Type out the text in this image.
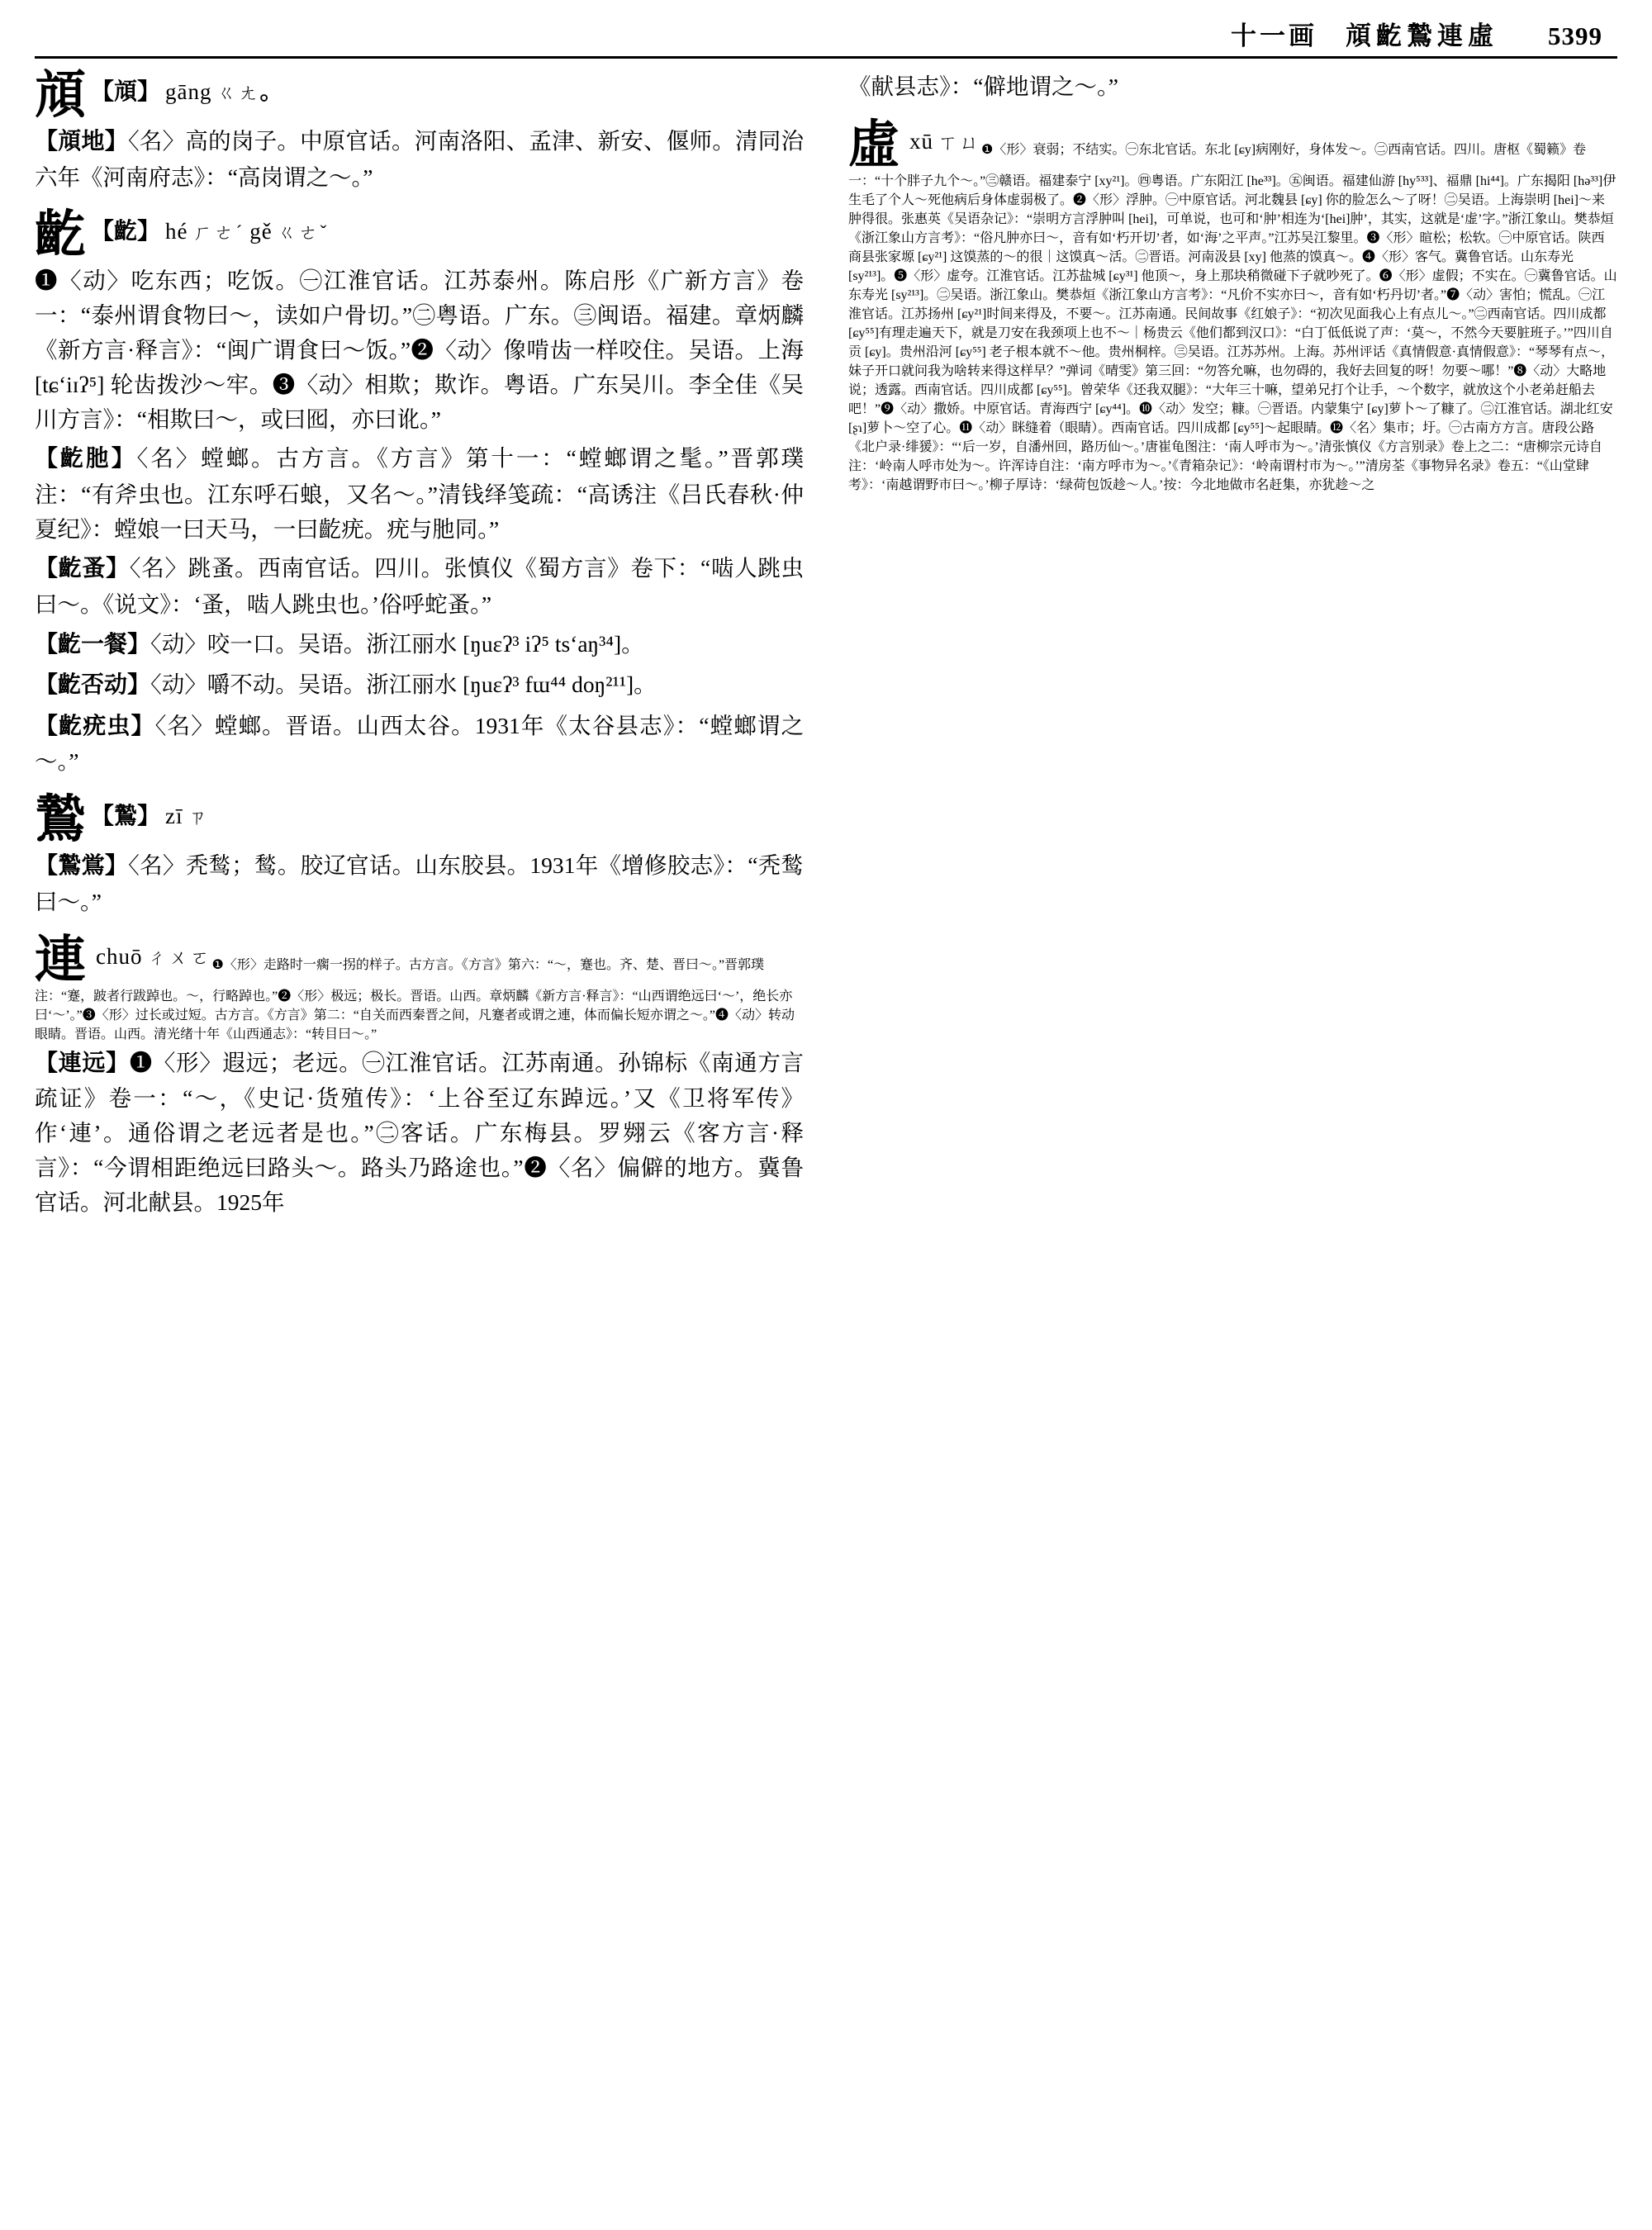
十一画 頏齕鷙連虛 5399
頏 【頏】 gāng ㄍㄤ。

【頏地】〈名〉高的岗子。中原官话。河南洛阳、孟津、新安、偃师。清同治六年《河南府志》：“高岗谓之～。”

齕 【齕】 hé ㄏㄜˊ gě ㄍㄜˇ

❶〈动〉吃东西；吃饭。㊀江淮官话。江苏泰州。陈启彤《广新方言》卷一：“泰州谓食物曰～，读如户骨切。”㊁粤语。广东。㊂闽语。福建。章炳麟《新方言·释言》：“闽广谓食曰～饭。”❷〈动〉像啃齿一样咬住。吴语。上海 [tɕʻiɪʔ⁵] 轮齿拨沙～牢。❸〈动〉相欺；欺诈。粤语。广东吴川。李全佳《吴川方言》：“相欺曰～，或曰囮，亦曰讹。”

【齕肔】〈名〉螳螂。古方言。《方言》第十一：“螳螂谓之髦。”晋郭璞注：“有斧虫也。江东呼石蜋，又名～。”清钱绎笺疏：“高诱注《吕氏春秋·仲夏纪》：螳娘一曰天马，一曰齕疣。疣与肔同。”

【齕蚤】〈名〉跳蚤。西南官话。四川。张慎仪《蜀方言》卷下：“啮人跳虫曰～。《说文》：‘蚤，啮人跳虫也。’俗呼蛇蚤。”

【齕一餐】〈动〉咬一口。吴语。浙江丽水 [ŋuɛʔ³ iʔ⁵ tsʻaŋ³⁴]。

【齕否动】〈动〉嚼不动。吴语。浙江丽水 [ŋuɛʔ³ fɯ⁴⁴ doŋ²¹¹]。

【齕疣虫】〈名〉螳螂。晋语。山西太谷。1931年《太谷县志》：“螳螂谓之～。”

鷙 【鷙】 zī ㄗ

【鷙鴬】〈名〉秃鹙；鹙。胶辽官话。山东胶县。1931年《增修胶志》：“秃鹙曰～。”

連chuō ㄔㄨㄛ❶〈形〉走路时一瘸一拐的样子。古方言。《方言》第六：“～，蹇也。齐、楚、晋曰～。”晋郭璞注：“蹇，跛者行跋踔也。～，行略踔也。”❷〈形〉极远；极长。晋语。山西。章炳麟《新方言·释言》：“山西谓绝远曰‘～’，绝长亦曰‘～’。”❸〈形〉过长或过短。古方言。《方言》第二：“自关而西秦晋之间，凡蹇者或谓之連，体而偏长短亦谓之～。”❹〈动〉转动眼睛。晋语。山西。清光绪十年《山西通志》：“转目曰～。”

【連远】❶〈形〉遐远；老远。㊀江淮官话。江苏南通。孙锦标《南通方言疏证》卷一：“～，《史记·货殖传》：‘上谷至辽东踔远。’又《卫将军传》作‘連’。通俗谓之老远者是也。”㊁客话。广东梅县。罗翙云《客方言·释言》：“今谓相距绝远曰路头～。路头乃路途也。”❷〈名〉偏僻的地方。冀鲁官话。河北献县。1925年

《献县志》：“僻地谓之～。”

虛xū ㄒㄩ❶〈形〉衰弱；不结实。㊀东北官话。东北 [ɕy]病刚好，身体发～。㊁西南官话。四川。唐枢《蜀籁》卷一：“十个胖子九个～。”㊂赣语。福建泰宁 [xy²¹]。㊃粤语。广东阳江 [he³³]。㊄闽语。福建仙游 [hy⁵³³]、福鼎 [hi⁴⁴]。广东揭阳 [hə³³]伊生毛了个人～死他病后身体虚弱极了。❷〈形〉浮肿。㊀中原官话。河北魏县 [ɕy] 你的脸怎么～了呀！㊁吴语。上海崇明 [hei]～来肿得很。张惠英《吴语杂记》：“崇明方言浮肿叫 [hei]，可单说，也可和‘肿’相连为‘[hei]肿’，其实，这就是‘虚’字。”浙江象山。樊恭烜《浙江象山方言考》：“俗凡肿亦曰～，音有如‘朽开切’者，如‘海’之平声。”江苏吴江黎里。❸〈形〉暄松；松软。㊀中原官话。陕西商县张家塬 [ɕy²¹] 这馍蒸的～的很｜这馍真～活。㊁晋语。河南汲县 [xy] 他蒸的馍真～。❹〈形〉客气。冀鲁官话。山东寿光 [sy²¹³]。❺〈形〉虚夸。江淮官话。江苏盐城 [ɕy³¹] 他顶～，身上那块稍微碰下子就吵死了。❻〈形〉虚假；不实在。㊀冀鲁官话。山东寿光 [sy²¹³]。㊁吴语。浙江象山。樊恭烜《浙江象山方言考》：“凡价不实亦曰～，音有如‘朽丹切’者。”❼〈动〉害怕；慌乱。㊀江淮官话。江苏扬州 [ɕy²¹]时间来得及，不要～。江苏南通。民间故事《红娘子》：“初次见面我心上有点儿～。”㊁西南官话。四川成都 [ɕy⁵⁵]有理走遍天下，就是刀安在我颈项上也不～｜杨贵云《他们都到汉口》：“白丁低低说了声：‘莫～，不然今天要脏班子。’”四川自贡 [ɕy]。贵州沿河 [ɕy⁵⁵] 老子根本就不～他。贵州桐梓。㊂吴语。江苏苏州。上海。苏州评话《真情假意·真情假意》：“琴琴有点～，妹子开口就问我为啥转来得这样早？”弹词《晴雯》第三回：“勿答允嘛，也勿碍的，我好去回复的呀！勿要～哪！”❽〈动〉大略地说；透露。西南官话。四川成都 [ɕy⁵⁵]。曾荣华《还我双腿》：“大年三十嘛，望弟兄打个让手，～个数字，就放这个小老弟赶船去吧！”❾〈动〉撒娇。中原官话。青海西宁 [ɕy⁴⁴]。❿〈动〉发空；糠。㊀晋语。内蒙集宁 [ɕy]萝卜～了糠了。㊁江淮官话。湖北红安 [ʂɿ]萝卜～空了心。⓫〈动〉眯缝着（眼睛）。西南官话。四川成都 [ɕy⁵⁵]～起眼睛。⓬〈名〉集市；圩。㊀古南方方言。唐段公路《北户录·绯猨》：“‘后一岁，自潘州回，路历仙～。’唐崔龟图注：‘南人呼市为～。’清张慎仪《方言别录》卷上之二：“唐柳宗元诗自注：‘岭南人呼市处为～。许浑诗自注：‘南方呼市为～。’《青箱杂记》：‘岭南谓村市为～。’”清房荃《事物异名录》卷五：“《山堂肆考》：‘南越谓野市曰～。’柳子厚诗：‘绿荷包饭趁～人。’按：今北地做市名赶集，亦犹趁～之
